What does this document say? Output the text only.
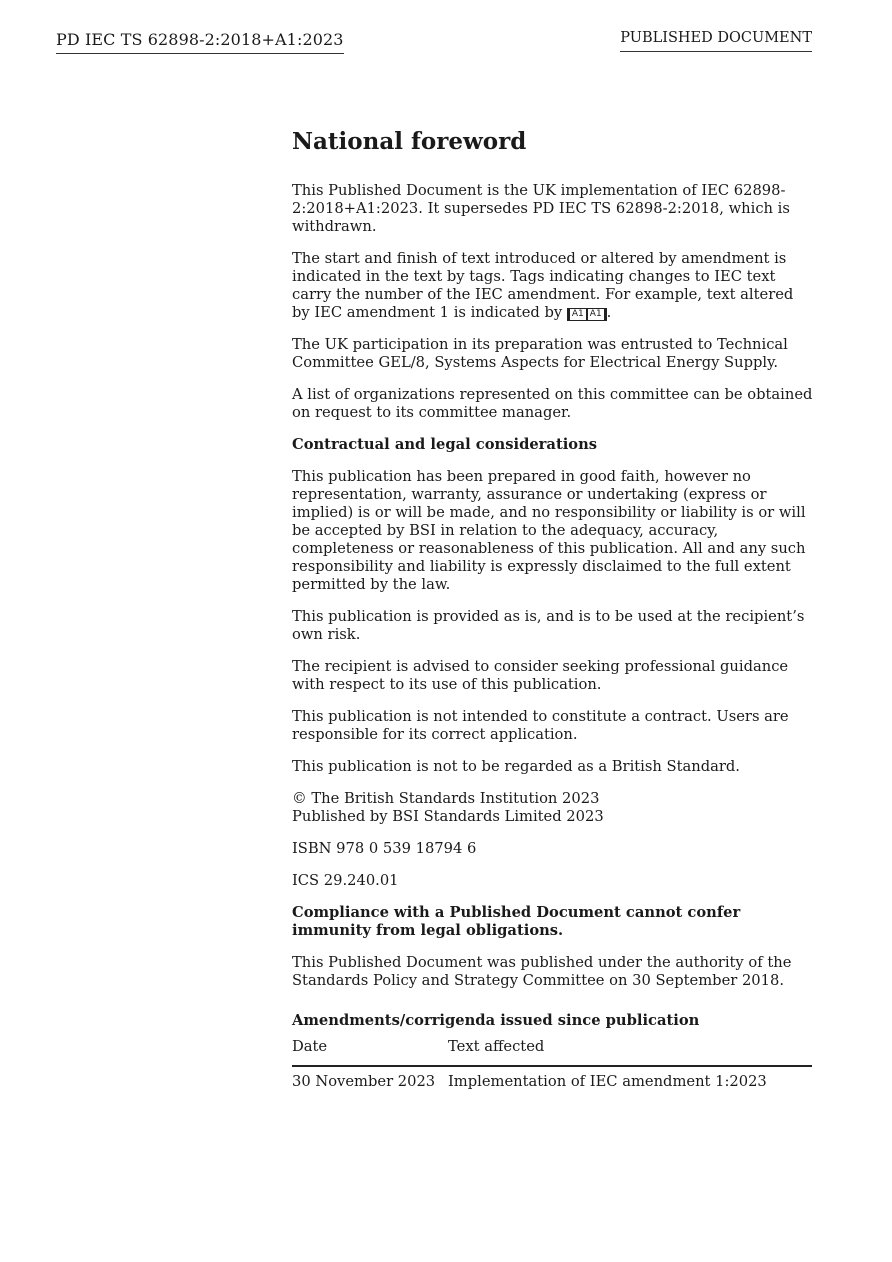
PD IEC TS 62898-2:2018+A1:2023	PUBLISHED DOCUMENT
National foreword

This Published Document is the UK implementation of IEC 62898-2:2018+A1:2023. It supersedes PD IEC TS 62898-2:2018, which is withdrawn.

The start and finish of text introduced or altered by amendment is indicated in the text by tags. Tags indicating changes to IEC text carry the number of the IEC amendment. For example, text altered by IEC amendment 1 is indicated by A1 A1 .

The UK participation in its preparation was entrusted to Technical Committee GEL/8, Systems Aspects for Electrical Energy Supply.

A list of organizations represented on this committee can be obtained on request to its committee manager.

Contractual and legal considerations

This publication has been prepared in good faith, however no representation, warranty, assurance or undertaking (express or implied) is or will be made, and no responsibility or liability is or will be accepted by BSI in relation to the adequacy, accuracy, completeness or reasonableness of this publication. All and any such responsibility and liability is expressly disclaimed to the full extent permitted by the law.

This publication is provided as is, and is to be used at the recipient’s own risk.

The recipient is advised to consider seeking professional guidance with respect to its use of this publication.

This publication is not intended to constitute a contract. Users are responsible for its correct application.

This publication is not to be regarded as a British Standard.

© The British Standards Institution 2023
Published by BSI Standards Limited 2023

ISBN 978 0 539 18794 6

ICS 29.240.01

Compliance with a Published Document cannot confer immunity from legal obligations.

This Published Document was published under the authority of the Standards Policy and Strategy Committee on 30 September 2018.

Amendments/corrigenda issued since publication
Date	Text affected
30 November 2023	Implementation of IEC amendment 1:2023
